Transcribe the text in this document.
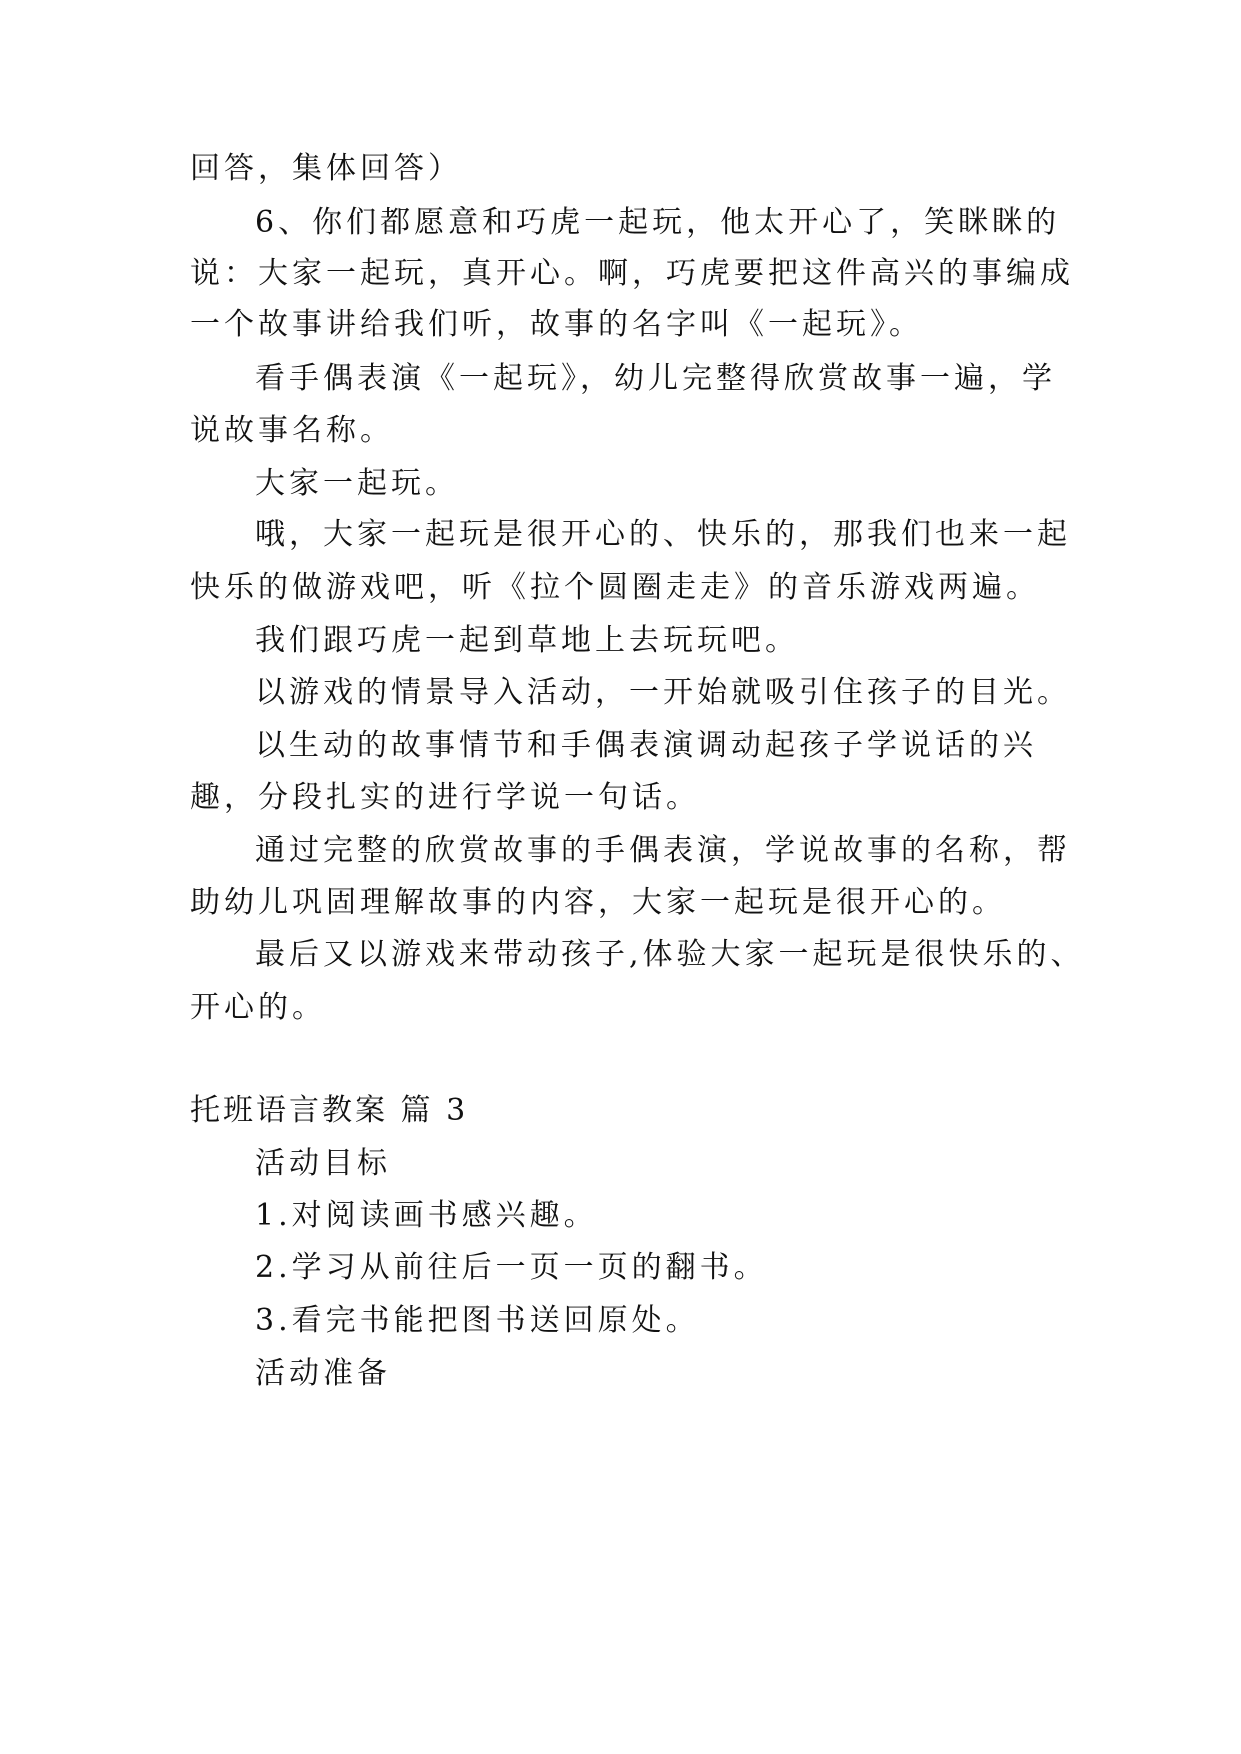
回答，集体回答）
6、你们都愿意和巧虎一起玩，他太开心了，笑眯眯的
说：大家一起玩，真开心。啊，巧虎要把这件高兴的事编成
一个故事讲给我们听，故事的名字叫《一起玩》。
看手偶表演《一起玩》，幼儿完整得欣赏故事一遍，学
说故事名称。
大家一起玩。
哦，大家一起玩是很开心的、快乐的，那我们也来一起
快乐的做游戏吧，听《拉个圆圈走走》的音乐游戏两遍。
我们跟巧虎一起到草地上去玩玩吧。
以游戏的情景导入活动，一开始就吸引住孩子的目光。
以生动的故事情节和手偶表演调动起孩子学说话的兴
趣，分段扎实的进行学说一句话。
通过完整的欣赏故事的手偶表演，学说故事的名称，帮
助幼儿巩固理解故事的内容，大家一起玩是很开心的。
最后又以游戏来带动孩子,体验大家一起玩是很快乐的、
开心的。
托班语言教案 篇 3
活动目标
1.对阅读画书感兴趣。
2.学习从前往后一页一页的翻书。
3.看完书能把图书送回原处。
活动准备
